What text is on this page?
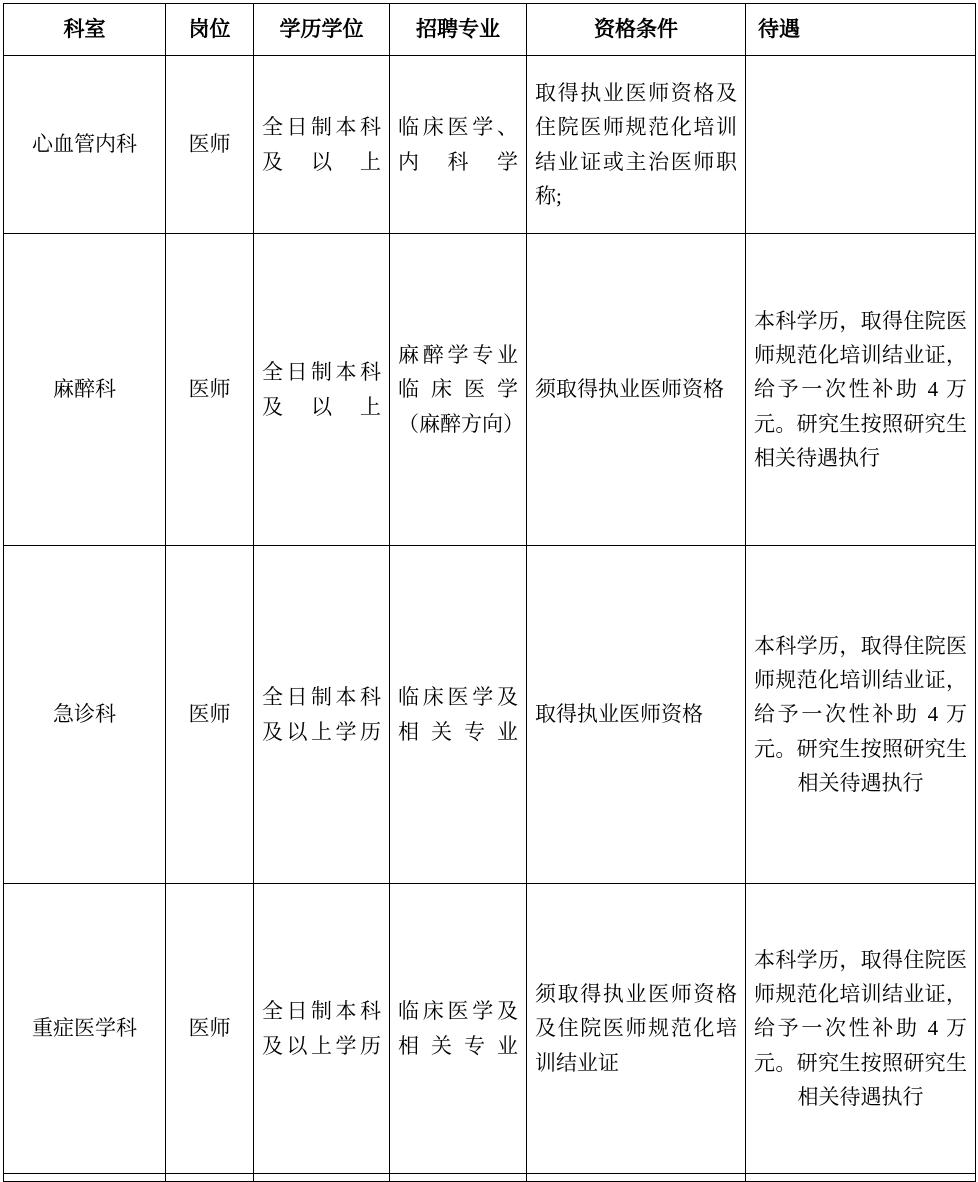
科室	岗位	学历学位	招聘专业	资格条件	待遇
心血管内科	医师	全日制本科及以上	临床医学、内科学	取得执业医师资格及住院医师规范化培训结业证或主治医师职称;	
麻醉科	医师	全日制本科及以上	麻醉学专业临床医学（麻醉方向）	须取得执业医师资格	本科学历，取得住院医师规范化培训结业证，给予一次性补助 4 万元。研究生按照研究生相关待遇执行
急诊科	医师	全日制本科及以上学历	临床医学及相关专业	取得执业医师资格	本科学历，取得住院医师规范化培训结业证，给予一次性补助 4 万元。研究生按照研究生相关待遇执行
重症医学科	医师	全日制本科及以上学历	临床医学及相关专业	须取得执业医师资格及住院医师规范化培训结业证	本科学历，取得住院医师规范化培训结业证，给予一次性补助 4 万元。研究生按照研究生相关待遇执行
